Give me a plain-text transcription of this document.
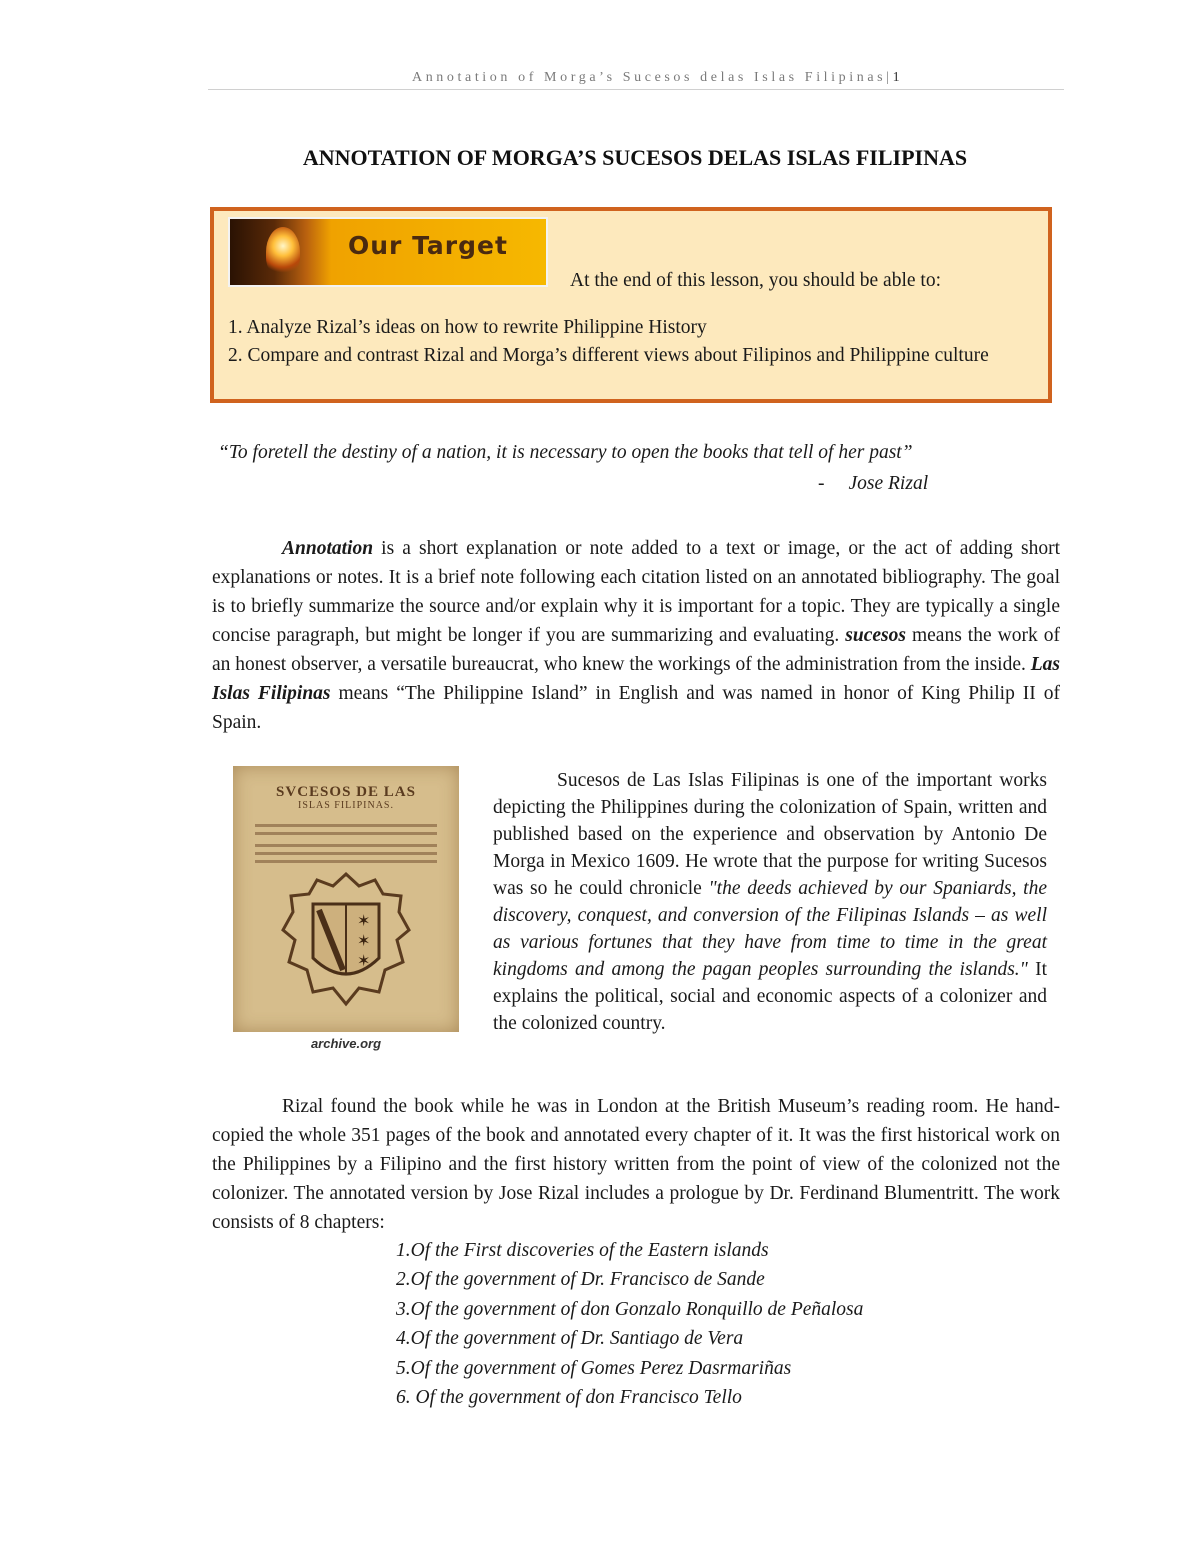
Annotation of Morga’s Sucesos delas Islas Filipinas|1
ANNOTATION OF MORGA’S SUCESOS DELAS ISLAS FILIPINAS
Our Target
At the end of this lesson, you should be able to:
1. Analyze Rizal’s ideas on how to rewrite Philippine History
2. Compare and contrast Rizal and Morga’s different views about Filipinos and Philippine culture
“To foretell the destiny of a nation, it is necessary to open the books that tell of her past”
- Jose Rizal

Annotation is a short explanation or note added to a text or image, or the act of adding short explanations or notes. It is a brief note following each citation listed on an annotated bibliography. The goal is to briefly summarize the source and/or explain why it is important for a topic. They are typically a single concise paragraph, but might be longer if you are summarizing and evaluating. sucesos means the work of an honest observer, a versatile bureaucrat, who knew the workings of the administration from the inside. Las Islas Filipinas means “The Philippine Island” in English and was named in honor of King Philip II of Spain.

SVCESOS DE LAS
ISLAS FILIPINAS.
✶
✶
✶
archive.org

Sucesos de Las Islas Filipinas is one of the important works depicting the Philippines during the colonization of Spain, written and published based on the experience and observation by Antonio De Morga in Mexico 1609. He wrote that the purpose for writing Sucesos was so he could chronicle "the deeds achieved by our Spaniards, the discovery, conquest, and conversion of the Filipinas Islands – as well as various fortunes that they have from time to time in the great kingdoms and among the pagan peoples surrounding the islands." It explains the political, social and economic aspects of a colonizer and the colonized country.

Rizal found the book while he was in London at the British Museum’s reading room. He hand-copied the whole 351 pages of the book and annotated every chapter of it. It was the first historical work on the Philippines by a Filipino and the first history written from the point of view of the colonized not the colonizer. The annotated version by Jose Rizal includes a prologue by Dr. Ferdinand Blumentritt. The work consists of 8 chapters:

1.Of the First discoveries of the Eastern islands
2.Of the government of Dr. Francisco de Sande
3.Of the government of don Gonzalo Ronquillo de Peñalosa
4.Of the government of Dr. Santiago de Vera
5.Of the government of Gomes Perez Dasrmariñas
6. Of the government of don Francisco Tello
